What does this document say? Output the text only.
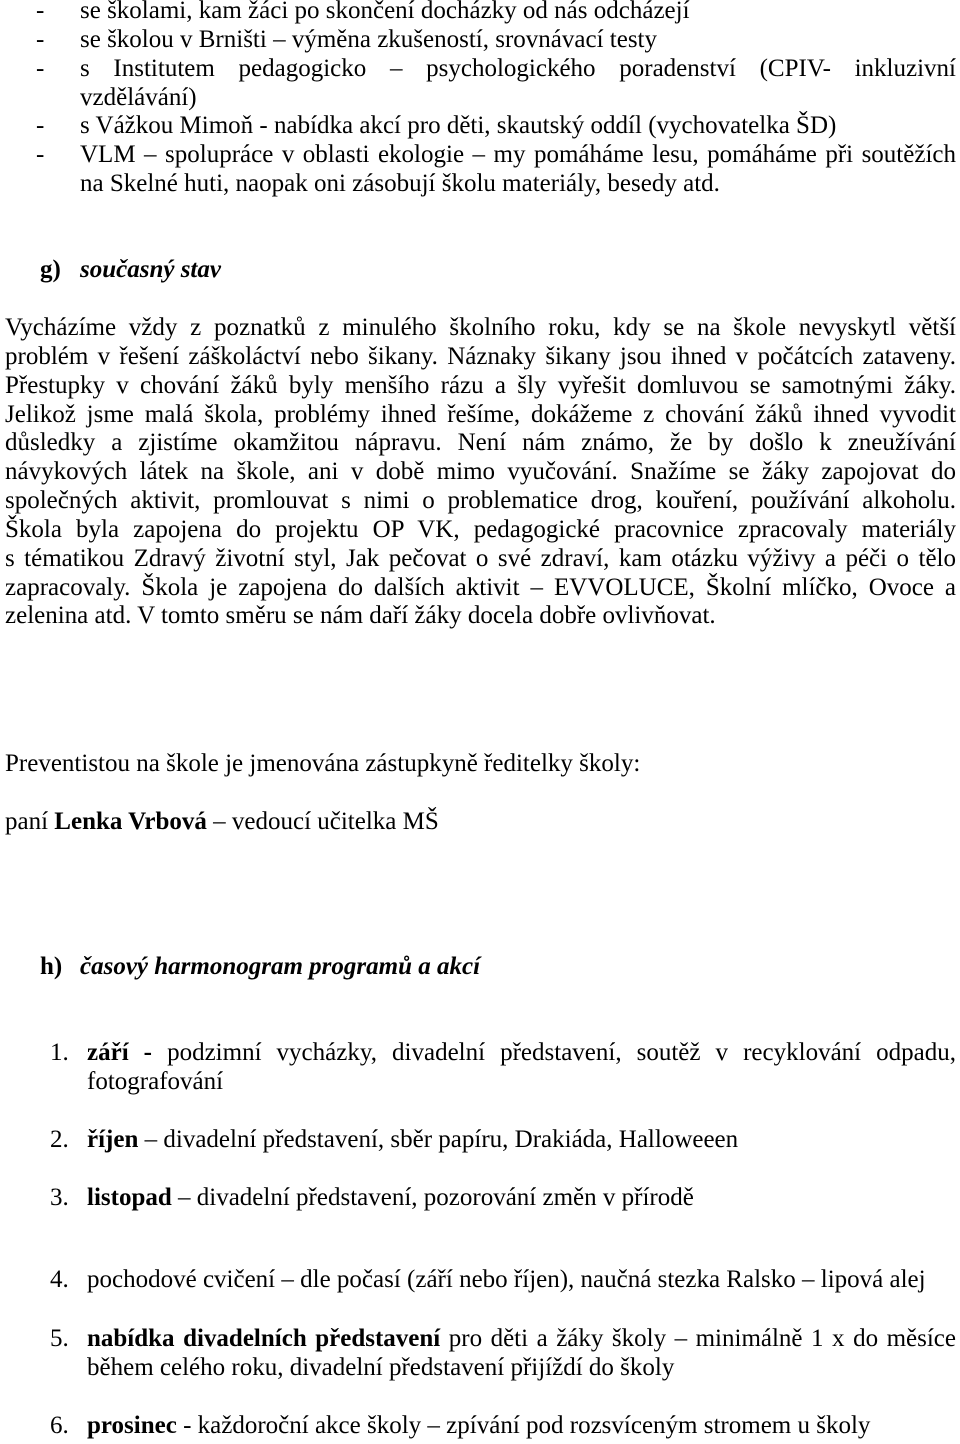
- se školami, kam žáci po skončení docházky od nás odcházejí
- se školou v Brništi – výměna zkušeností, srovnávací testy
- s Institutem pedagogicko – psychologického poradenství (CPIV- inkluzivní
vzdělávání)
- s Vážkou Mimoň - nabídka akcí pro děti, skautský oddíl (vychovatelka ŠD)
- VLM – spolupráce v oblasti ekologie – my pomáháme lesu, pomáháme při soutěžích
na Skelné huti, naopak oni zásobují školu materiály, besedy atd.
g) současný stav
Vycházíme vždy z poznatků z minulého školního roku, kdy se na škole nevyskytl větší
problém v řešení záškoláctví nebo šikany. Náznaky šikany jsou ihned v počátcích zataveny.
Přestupky v chování žáků byly menšího rázu a šly vyřešit domluvou se samotnými žáky.
Jelikož jsme malá škola, problémy ihned řešíme, dokážeme z chování žáků ihned vyvodit
důsledky a zjistíme okamžitou nápravu. Není nám známo, že by došlo k zneužívání
návykových látek na škole, ani v době mimo vyučování. Snažíme se žáky zapojovat do
společných aktivit, promlouvat s nimi o problematice drog, kouření, používání alkoholu.
Škola byla zapojena do projektu OP VK, pedagogické pracovnice zpracovaly materiály
s tématikou Zdravý životní styl, Jak pečovat o své zdraví, kam otázku výživy a péči o tělo
zapracovaly. Škola je zapojena do dalších aktivit – EVVOLUCE, Školní mlíčko, Ovoce a
zelenina atd. V tomto směru se nám daří žáky docela dobře ovlivňovat.
Preventistou na škole je jmenována zástupkyně ředitelky školy:
paní Lenka Vrbová – vedoucí učitelka MŠ
h) časový harmonogram programů a akcí
1. září - podzimní vycházky, divadelní představení, soutěž v recyklování odpadu,
fotografování
2. říjen – divadelní představení, sběr papíru, Drakiáda, Halloweeen
3. listopad – divadelní představení, pozorování změn v přírodě
4. pochodové cvičení – dle počasí (září nebo říjen), naučná stezka Ralsko – lipová alej
5. nabídka divadelních představení pro děti a žáky školy – minimálně 1 x do měsíce
během celého roku, divadelní představení přijíždí do školy
6. prosinec - každoroční akce školy – zpívání pod rozsvíceným stromem u školy
